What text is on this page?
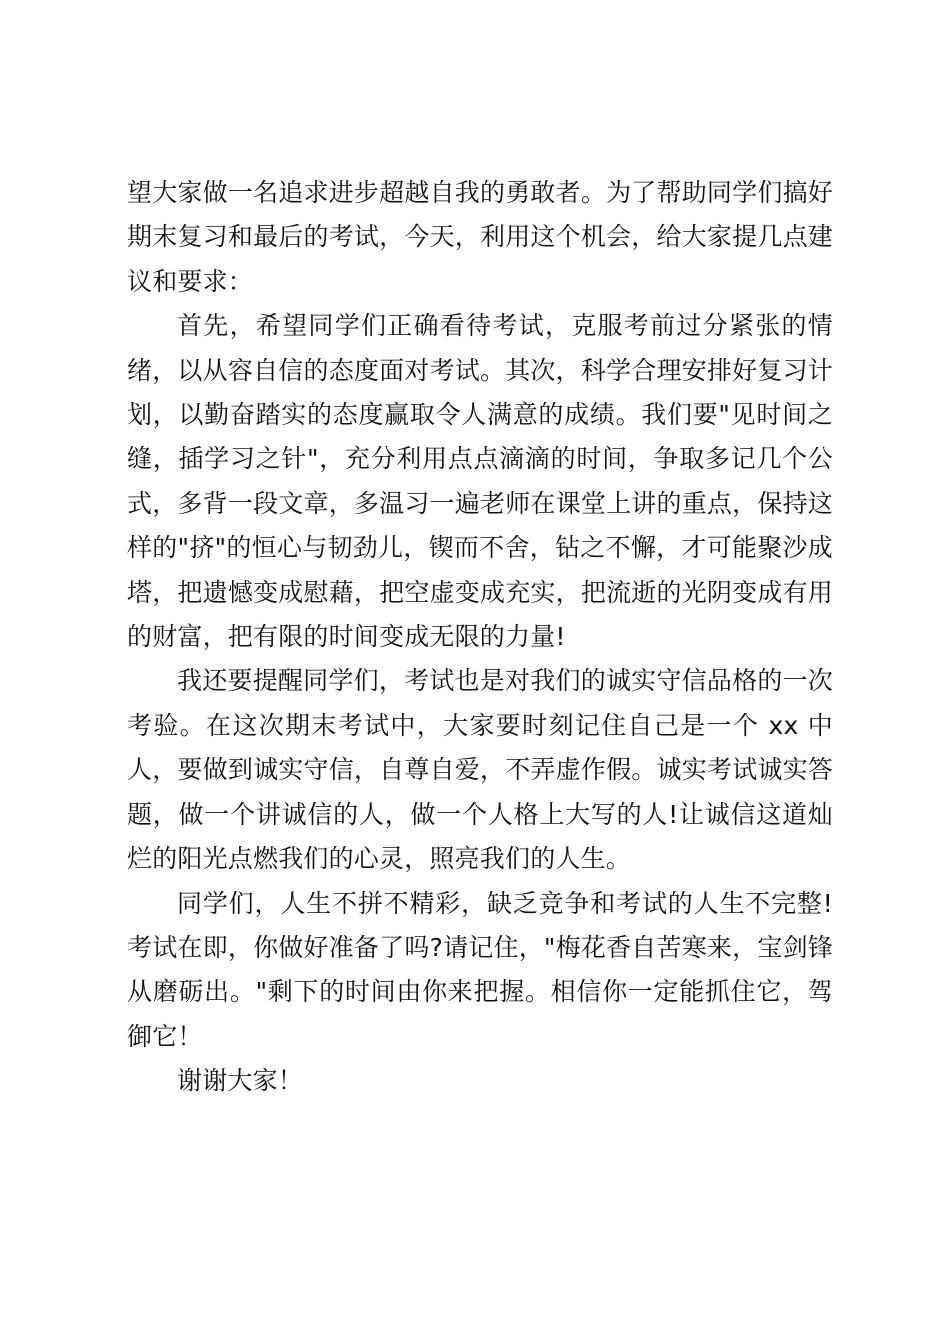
望大家做一名追求进步超越自我的勇敢者。为了帮助同学们搞好期末复习和最后的考试，今天，利用这个机会，给大家提几点建议和要求：

首先，希望同学们正确看待考试，克服考前过分紧张的情绪，以从容自信的态度面对考试。其次，科学合理安排好复习计划，以勤奋踏实的态度赢取令人满意的成绩。我们要"见时间之缝，插学习之针"，充分利用点点滴滴的时间，争取多记几个公式，多背一段文章，多温习一遍老师在课堂上讲的重点，保持这样的"挤"的恒心与韧劲儿，锲而不舍，钻之不懈，才可能聚沙成塔，把遗憾变成慰藉，把空虚变成充实，把流逝的光阴变成有用的财富，把有限的时间变成无限的力量!

我还要提醒同学们，考试也是对我们的诚实守信品格的一次考验。在这次期末考试中，大家要时刻记住自己是一个 xx 中人，要做到诚实守信，自尊自爱，不弄虚作假。诚实考试诚实答题，做一个讲诚信的人，做一个人格上大写的人!让诚信这道灿烂的阳光点燃我们的心灵，照亮我们的人生。

同学们，人生不拼不精彩，缺乏竞争和考试的人生不完整!考试在即，你做好准备了吗?请记住，"梅花香自苦寒来，宝剑锋从磨砺出。"剩下的时间由你来把握。相信你一定能抓住它，驾御它！

谢谢大家！
